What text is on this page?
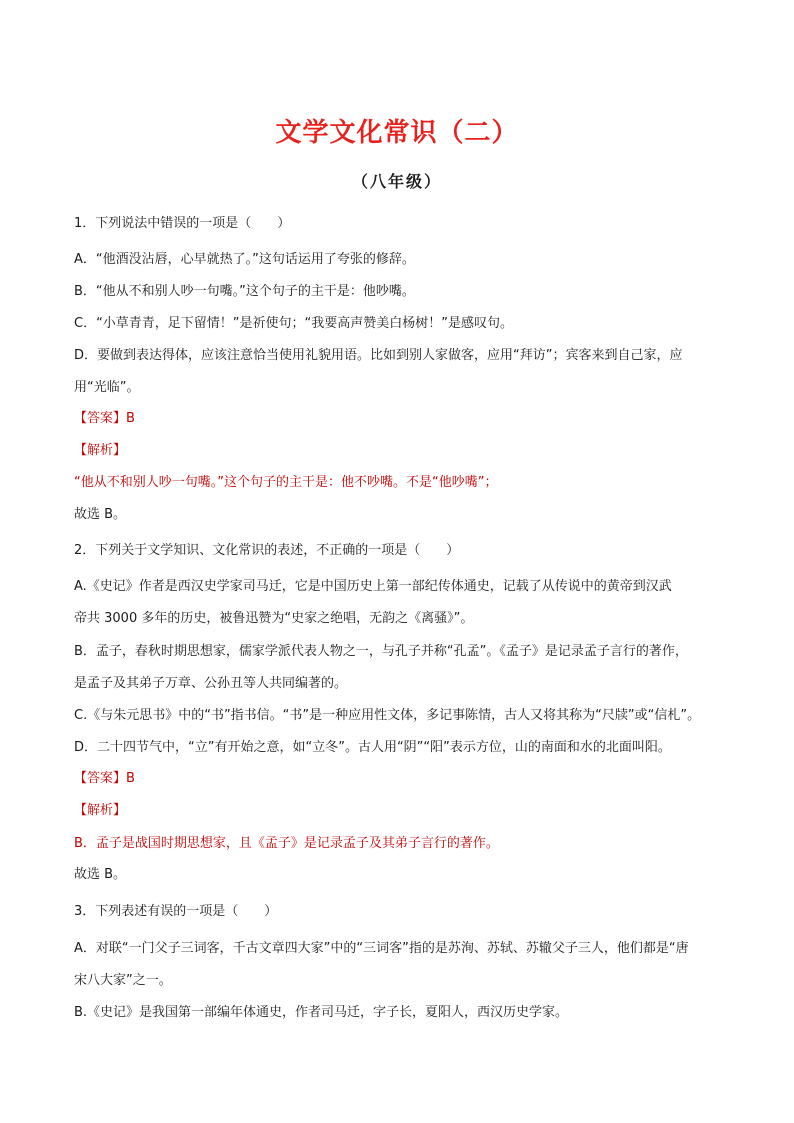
文学文化常识（二）
（八年级）
1．下列说法中错误的一项是（　　）
A．“他酒没沾唇，心早就热了。”这句话运用了夸张的修辞。
B．“他从不和别人吵一句嘴。”这个句子的主干是：他吵嘴。
C．“小草青青，足下留情！”是祈使句；“我要高声赞美白杨树！”是感叹句。
D．要做到表达得体，应该注意恰当使用礼貌用语。比如到别人家做客，应用“拜访”；宾客来到自己家，应
用“光临”。
【答案】B
【解析】
“他从不和别人吵一句嘴。”这个句子的主干是：他不吵嘴。不是“他吵嘴”；
故选 B。
2．下列关于文学知识、文化常识的表述，不正确的一项是（　　）
A.《史记》作者是西汉史学家司马迁，它是中国历史上第一部纪传体通史，记载了从传说中的黄帝到汉武
帝共 3000 多年的历史，被鲁迅赞为“史家之绝唱，无韵之《离骚》”。
B．孟子，春秋时期思想家，儒家学派代表人物之一，与孔子并称“孔孟”。《孟子》是记录孟子言行的著作，
是孟子及其弟子万章、公孙丑等人共同编著的。
C.《与朱元思书》中的“书”指书信。“书”是一种应用性文体，多记事陈情，古人又将其称为“尺牍”或“信札”。
D．二十四节气中，“立”有开始之意，如“立冬”。古人用“阴”“阳”表示方位，山的南面和水的北面叫阳。
【答案】B
【解析】
B．孟子是战国时期思想家，且《孟子》是记录孟子及其弟子言行的著作。
故选 B。
3．下列表述有误的一项是（　　）
A．对联“一门父子三词客，千古文章四大家”中的“三词客”指的是苏洵、苏轼、苏辙父子三人，他们都是“唐
宋八大家”之一。
B.《史记》是我国第一部编年体通史，作者司马迁，字子长，夏阳人，西汉历史学家。
